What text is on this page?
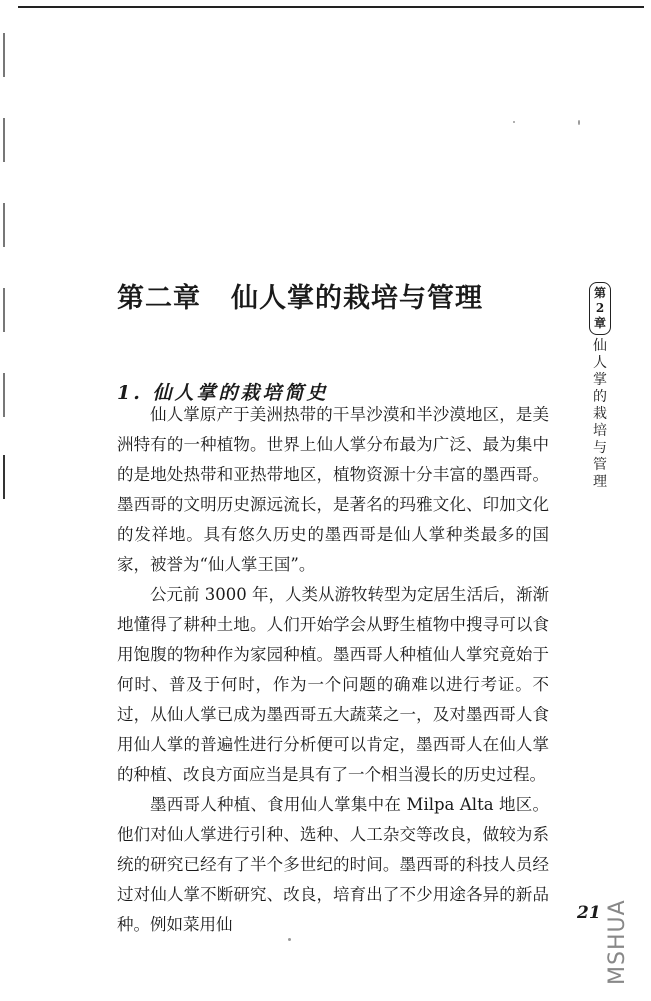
第二章 仙人掌的栽培与管理	第
2
章
仙
人
掌
的
栽
培
与
管
理
1. 仙人掌的栽培简史

仙人掌原产于美洲热带的干旱沙漠和半沙漠地区，是美洲特有的一种植物。世界上仙人掌分布最为广泛、最为集中的是地处热带和亚热带地区，植物资源十分丰富的墨西哥。墨西哥的文明历史源远流长，是著名的玛雅文化、印加文化的发祥地。具有悠久历史的墨西哥是仙人掌种类最多的国家，被誉为“仙人掌王国”。

公元前 3000 年，人类从游牧转型为定居生活后，渐渐地懂得了耕种土地。人们开始学会从野生植物中搜寻可以食用饱腹的物种作为家园种植。墨西哥人种植仙人掌究竟始于何时、普及于何时，作为一个问题的确难以进行考证。不过，从仙人掌已成为墨西哥五大蔬菜之一，及对墨西哥人食用仙人掌的普遍性进行分析便可以肯定，墨西哥人在仙人掌的种植、改良方面应当是具有了一个相当漫长的历史过程。

墨西哥人种植、食用仙人掌集中在 Milpa Alta 地区。他们对仙人掌进行引种、选种、人工杂交等改良，做较为系统的研究已经有了半个多世纪的时间。墨西哥的科技人员经过对仙人掌不断研究、改良，培育出了不少用途各异的新品种。例如菜用仙

21 MSHUA
